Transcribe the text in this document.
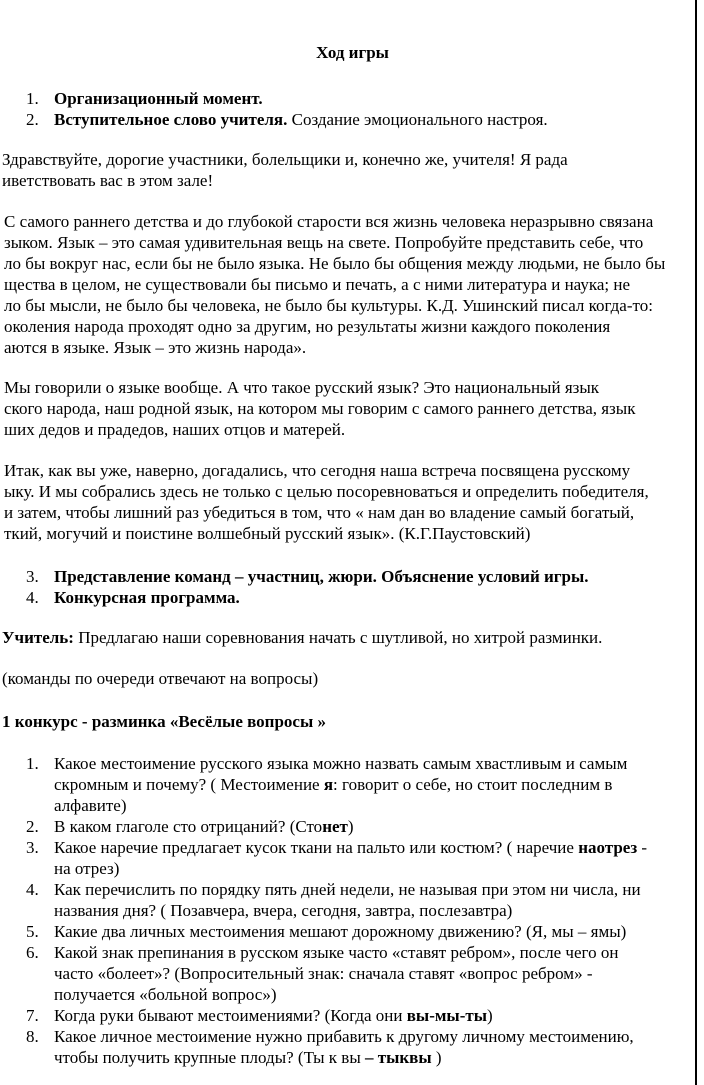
Ход игры
1. Организационный момент.
2. Вступительное слово учителя. Создание эмоционального настроя.

Здравствуйте, дорогие участники, болельщики и, конечно же, учителя! Я рада
иветствовать вас в этом зале!

С самого раннего детства и до глубокой старости вся жизнь человека неразрывно связана
зыком. Язык – это самая удивительная вещь на свете. Попробуйте представить себе, что
ло бы вокруг нас, если бы не было языка. Не было бы общения между людьми, не было бы
щества в целом, не существовали бы письмо и печать, а с ними литература и наука; не
ло бы мысли, не было бы человека, не было бы культуры. К.Д. Ушинский писал когда-то:
околения народа проходят одно за другим, но результаты жизни каждого поколения
аются в языке. Язык – это жизнь народа».

Мы говорили о языке вообще. А что такое русский язык? Это национальный язык
ского народа, наш родной язык, на котором мы говорим с самого раннего детства, язык
ших дедов и прадедов, наших отцов и матерей.

Итак, как вы уже, наверно, догадались, что сегодня наша встреча посвящена русскому
ыку. И мы собрались здесь не только с целью посоревноваться и определить победителя,
и затем, чтобы лишний раз убедиться в том, что « нам дан во владение самый богатый,
ткий, могучий и поистине волшебный русский язык». (К.Г.Паустовский)

3. Представление команд – участниц, жюри. Объяснение условий игры.
4. Конкурсная программа.

Учитель: Предлагаю наши соревнования начать с шутливой, но хитрой разминки.

(команды по очереди отвечают на вопросы)

1 конкурс - разминка «Весёлые вопросы »

1. Какое местоимение русского языка можно назвать самым хвастливым и самым
скромным и почему? ( Местоимение я: говорит о себе, но стоит последним в
алфавите)
2. В каком глаголе сто отрицаний? (Стонет)
3. Какое наречие предлагает кусок ткани на пальто или костюм? ( наречие наотрез -
на отрез)
4. Как перечислить по порядку пять дней недели, не называя при этом ни числа, ни
названия дня? ( Позавчера, вчера, сегодня, завтра, послезавтра)
5. Какие два личных местоимения мешают дорожному движению? (Я, мы – ямы)
6. Какой знак препинания в русском языке часто «ставят ребром», после чего он
часто «болеет»? (Вопросительный знак: сначала ставят «вопрос ребром» -
получается «больной вопрос»)
7. Когда руки бывают местоимениями? (Когда они вы-мы-ты)
8. Какое личное местоимение нужно прибавить к другому личному местоимению,
чтобы получить крупные плоды? (Ты к вы – тыквы )
